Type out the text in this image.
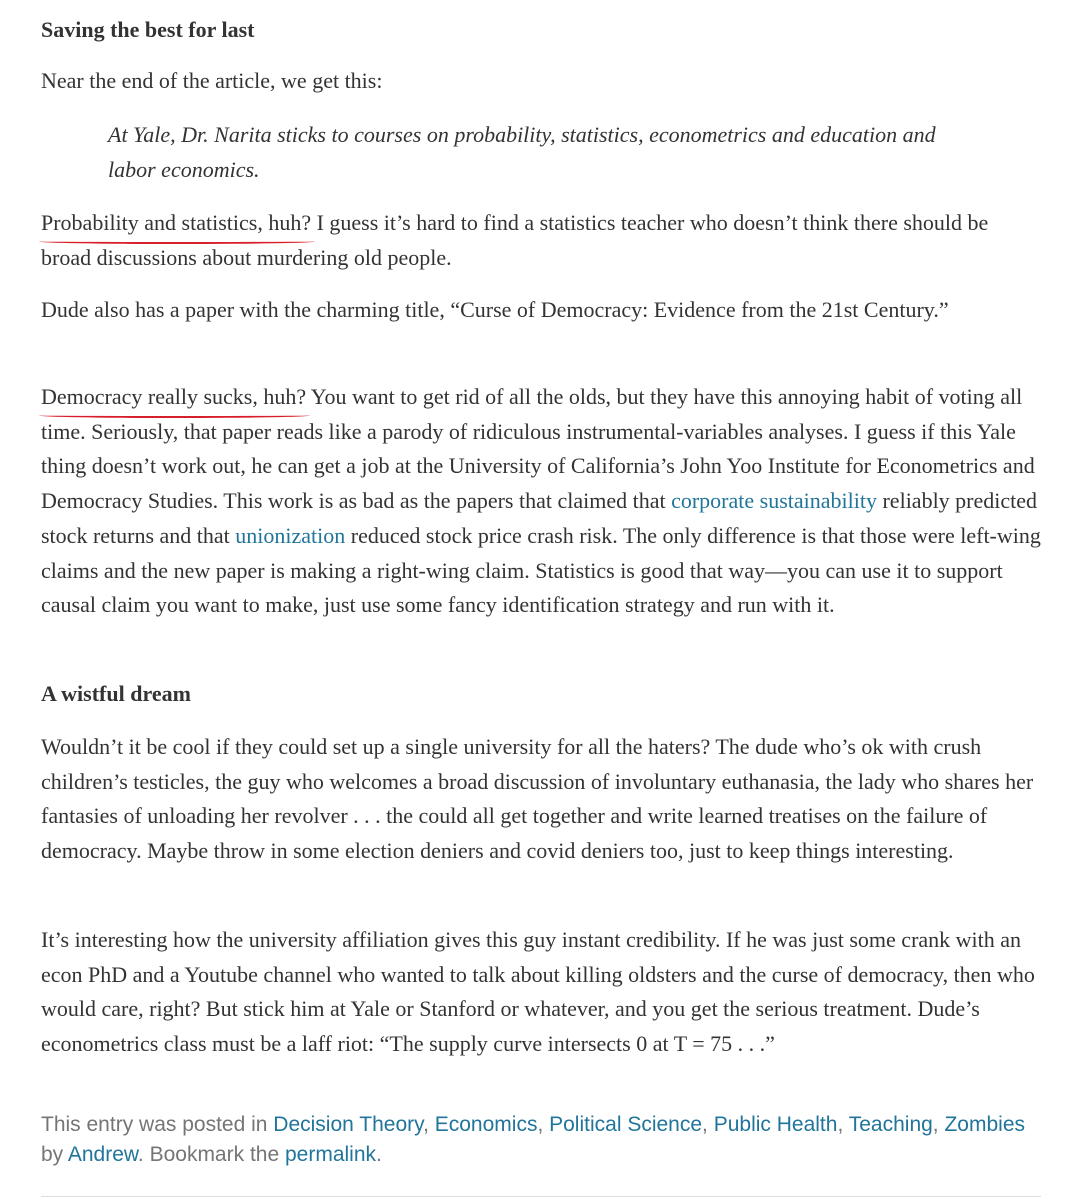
Saving the best for last

Near the end of the article, we get this:

At Yale, Dr. Narita sticks to courses on probability, statistics, econometrics and education and labor economics.

Probability and statistics, huh?
I guess it’s hard to find a statistics teacher who doesn’t think there should be broad discussions about murdering old people.

Dude also has a paper with the charming title, “Curse of Democracy: Evidence from the 21st Century.”

Democracy really sucks, huh?
You want to get rid of all the olds, but they have this annoying habit of voting all time. Seriously, that paper reads like a parody of ridiculous instrumental-variables analyses. I guess if this Yale thing doesn’t work out, he can get a job at the University of California’s John Yoo Institute for Econometrics and Democracy Studies. This work is as bad as the papers that claimed that corporate sustainability reliably predicted stock returns and that unionization reduced stock price crash risk. The only difference is that those were left-wing claims and the new paper is making a right-wing claim. Statistics is good that way—you can use it to support causal claim you want to make, just use some fancy identification strategy and run with it.

A wistful dream

Wouldn’t it be cool if they could set up a single university for all the haters? The dude who’s ok with crush children’s testicles, the guy who welcomes a broad discussion of involuntary euthanasia, the lady who shares her fantasies of unloading her revolver . . . the could all get together and write learned treatises on the failure of democracy. Maybe throw in some election deniers and covid deniers too, just to keep things interesting.

It’s interesting how the university affiliation gives this guy instant credibility. If he was just some crank with an econ PhD and a Youtube channel who wanted to talk about killing oldsters and the curse of democracy, then who would care, right? But stick him at Yale or Stanford or whatever, and you get the serious treatment. Dude’s econometrics class must be a laff riot: “The supply curve intersects 0 at T = 75 . . .”

This entry was posted in Decision Theory, Economics, Political Science, Public Health, Teaching, Zombies by Andrew. Bookmark the permalink.
